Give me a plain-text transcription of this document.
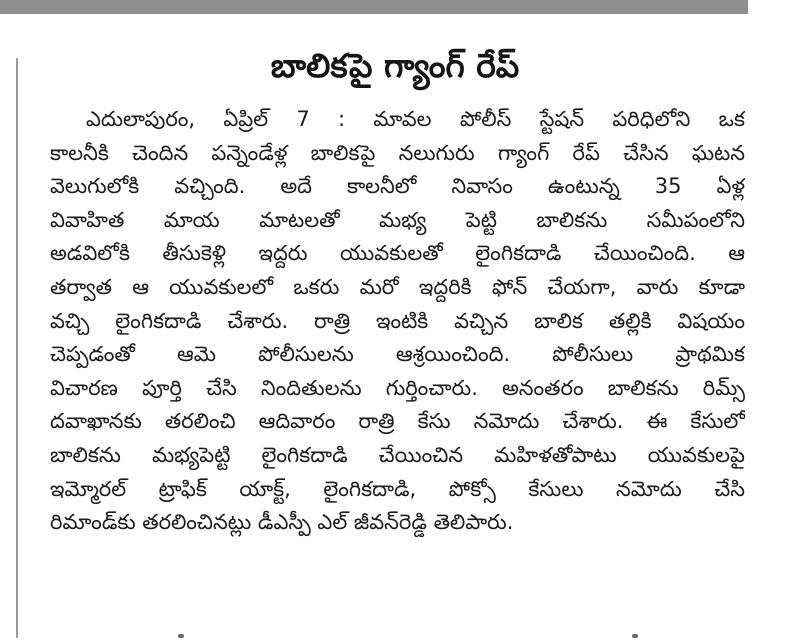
బాలికపై గ్యాంగ్ రేప్
ఎదులాపురం, ఏప్రిల్ 7 : మావల పోలీస్ స్టేషన్ పరిధిలోని ఒక
కాలనీకి చెందిన పన్నెండేళ్ల బాలికపై నలుగురు గ్యాంగ్ రేప్ చేసిన ఘటన
వెలుగులోకి వచ్చింది. అదే కాలనీలో నివాసం ఉంటున్న 35 ఏళ్ల
వివాహిత మాయ మాటలతో మభ్య పెట్టి బాలికను సమీపంలోని
అడవిలోకి తీసుకెళ్లి ఇద్దరు యువకులతో లైంగికదాడి చేయించింది. ఆ
తర్వాత ఆ యువకులలో ఒకరు మరో ఇద్దరికి ఫోన్ చేయగా, వారు కూడా
వచ్చి లైంగికదాడి చేశారు. రాత్రి ఇంటికి వచ్చిన బాలిక తల్లికి విషయం
చెప్పడంతో ఆమె పోలీసులను ఆశ్రయించింది. పోలీసులు ప్రాథమిక
విచారణ పూర్తి చేసి నిందితులను గుర్తించారు. అనంతరం బాలికను రిమ్స్
దవాఖానకు తరలించి ఆదివారం రాత్రి కేసు నమోదు చేశారు. ఈ కేసులో
బాలికను మభ్యపెట్టి లైంగికదాడి చేయించిన మహిళతోపాటు యువకులపై
ఇమ్మోరల్ ట్రాఫిక్ యాక్ట్, లైంగికదాడి, పోక్సో కేసులు నమోదు చేసి
రిమాండ్‌కు తరలించినట్లు డీఎస్పీ ఎల్ జీవన్‌రెడ్డి తెలిపారు.
